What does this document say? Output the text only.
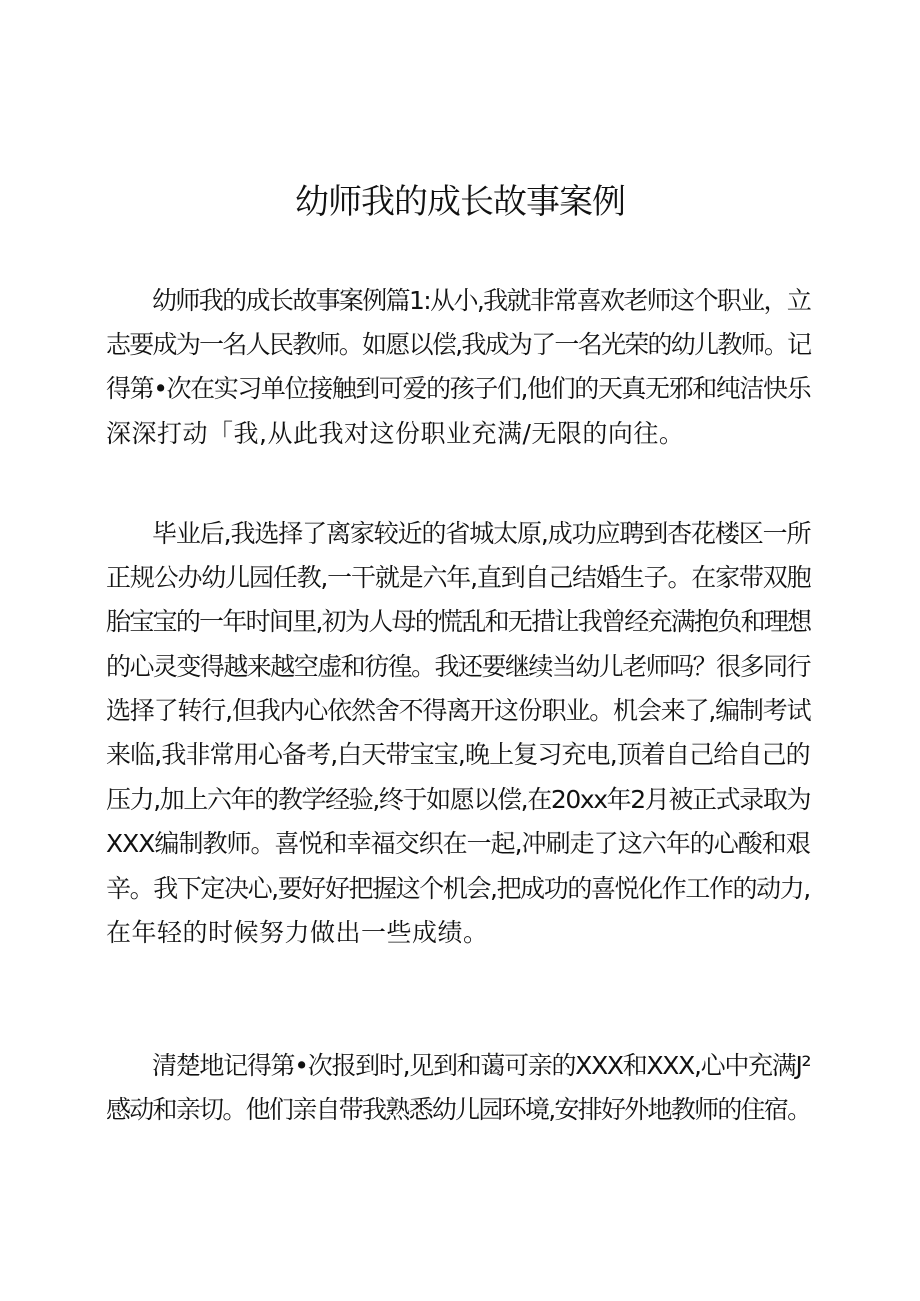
幼师我的成长故事案例
幼师我的成长故事案例篇1:从小,我就非常喜欢老师这个职业，立
志要成为一名人民教师。如愿以偿,我成为了一名光荣的幼儿教师。记
得第•次在实习单位接触到可爱的孩子们,他们的天真无邪和纯洁快乐
深深打动「我,从此我对这份职业充满/无限的向往。
毕业后,我选择了离家较近的省城太原,成功应聘到杏花楼区一所
正规公办幼儿园任教,一干就是六年,直到自己结婚生子。在家带双胞
胎宝宝的一年时间里,初为人母的慌乱和无措让我曾经充满抱负和理想
的心灵变得越来越空虚和彷徨。我还要继续当幼儿老师吗？很多同行
选择了转行,但我内心依然舍不得离开这份职业。机会来了,编制考试
来临,我非常用心备考,白天带宝宝,晚上复习充电,顶着自己给自己的
压力,加上六年的教学经验,终于如愿以偿,在20xx年2月被正式录取为
XXX编制教师。喜悦和幸福交织在一起,冲刷走了这六年的心酸和艰
辛。我下定决心,要好好把握这个机会,把成功的喜悦化作工作的动力,
在年轻的时候努力做出一些成绩。
清楚地记得第•次报到时,见到和蔼可亲的XXX和XXX,心中充满J²
感动和亲切。他们亲自带我熟悉幼儿园环境,安排好外地教师的住宿。
